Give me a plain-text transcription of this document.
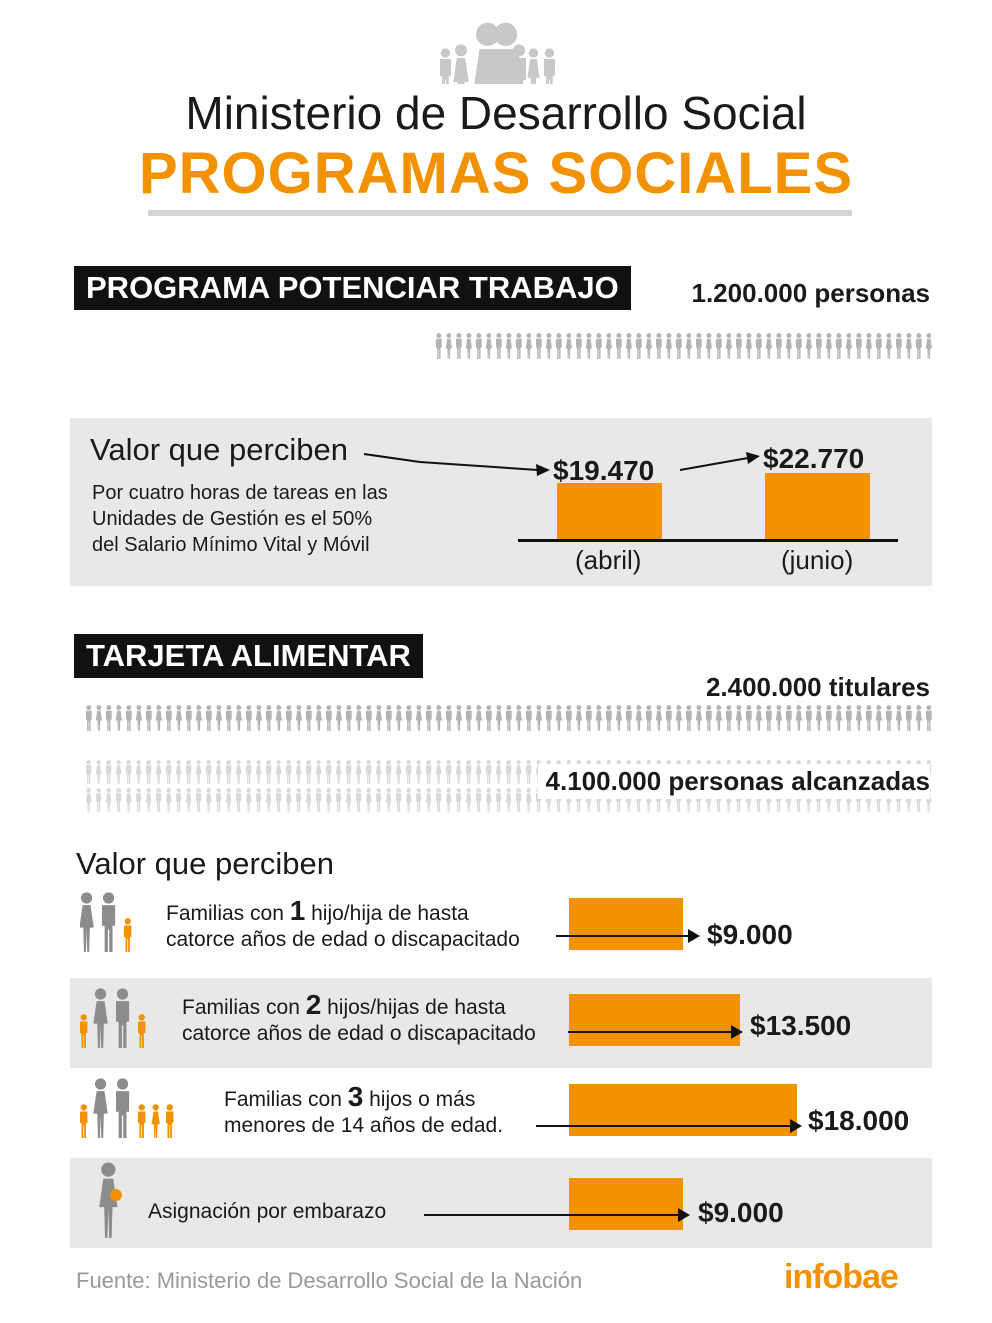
Ministerio de Desarrollo Social
PROGRAMAS SOCIALES
PROGRAMA POTENCIAR TRABAJO	1.200.000 personas
Valor que perciben
Por cuatro horas de tareas en las
Unidades de Gestión es el 50%
del Salario Mínimo Vital y Móvil
$19.470	$22.770
(abril)	(junio)
TARJETA ALIMENTAR
2.400.000 titulares
4.100.000 personas alcanzadas
Valor que perciben
Familias con 1 hijo/hija de hasta
catorce años de edad o discapacitado	$9.000
Familias con 2 hijos/hijas de hasta
catorce años de edad o discapacitado	$13.500
Familias con 3 hijos o más
menores de 14 años de edad.	$18.000
Asignación por embarazo	$9.000
Fuente: Ministerio de Desarrollo Social de la Nación	infobae
